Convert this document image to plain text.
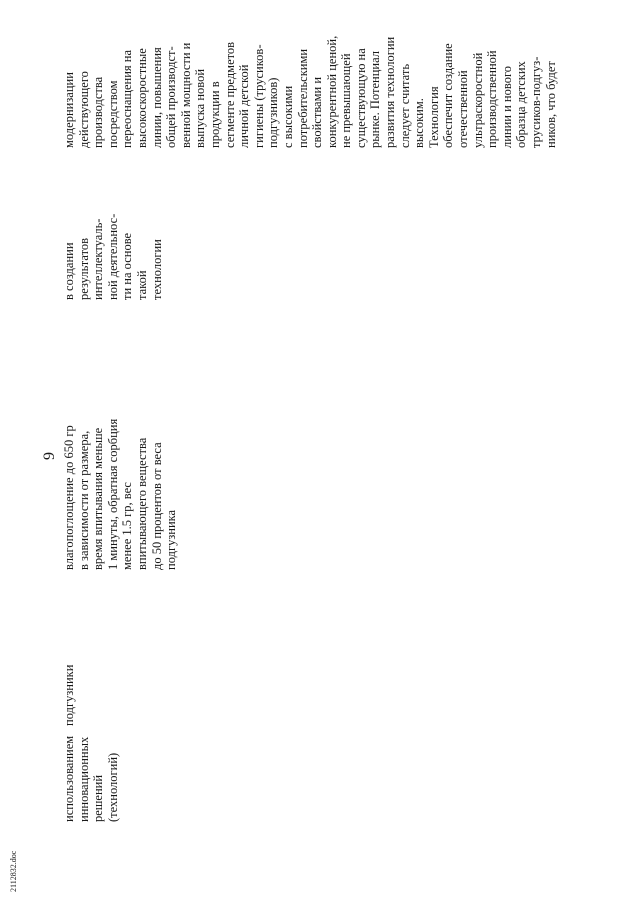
использованием инновационных решений (технологий)
подгузники
9 влагопоглощение до 650 гр в зависимости от размера, время впитывания меньше 1 минуты, обратная сорбция менее 1.5 гр, вес впитывающего вещества до 50 процентов от веса подгузника
в создании результатов интеллектуаль- ной деятельнос- ти на основе такой технологии
модернизации действующего производства посредством переоснащения на высокоскоростные линии, повышения общей производст- венной мощности и выпуска новой продукции в сегменте предметов личной детской гигиены (трусиков- подгузников) с высокими потребительскими свойствами и конкурентной ценой, не превышающей существующую на рынке. Потенциал развития технологии следует считать высоким. Технология обеспечит создание отечественной ультраскоростной производственной линии и нового образца детских трусиков-подгуз- ников, что будет
2112832.doc
